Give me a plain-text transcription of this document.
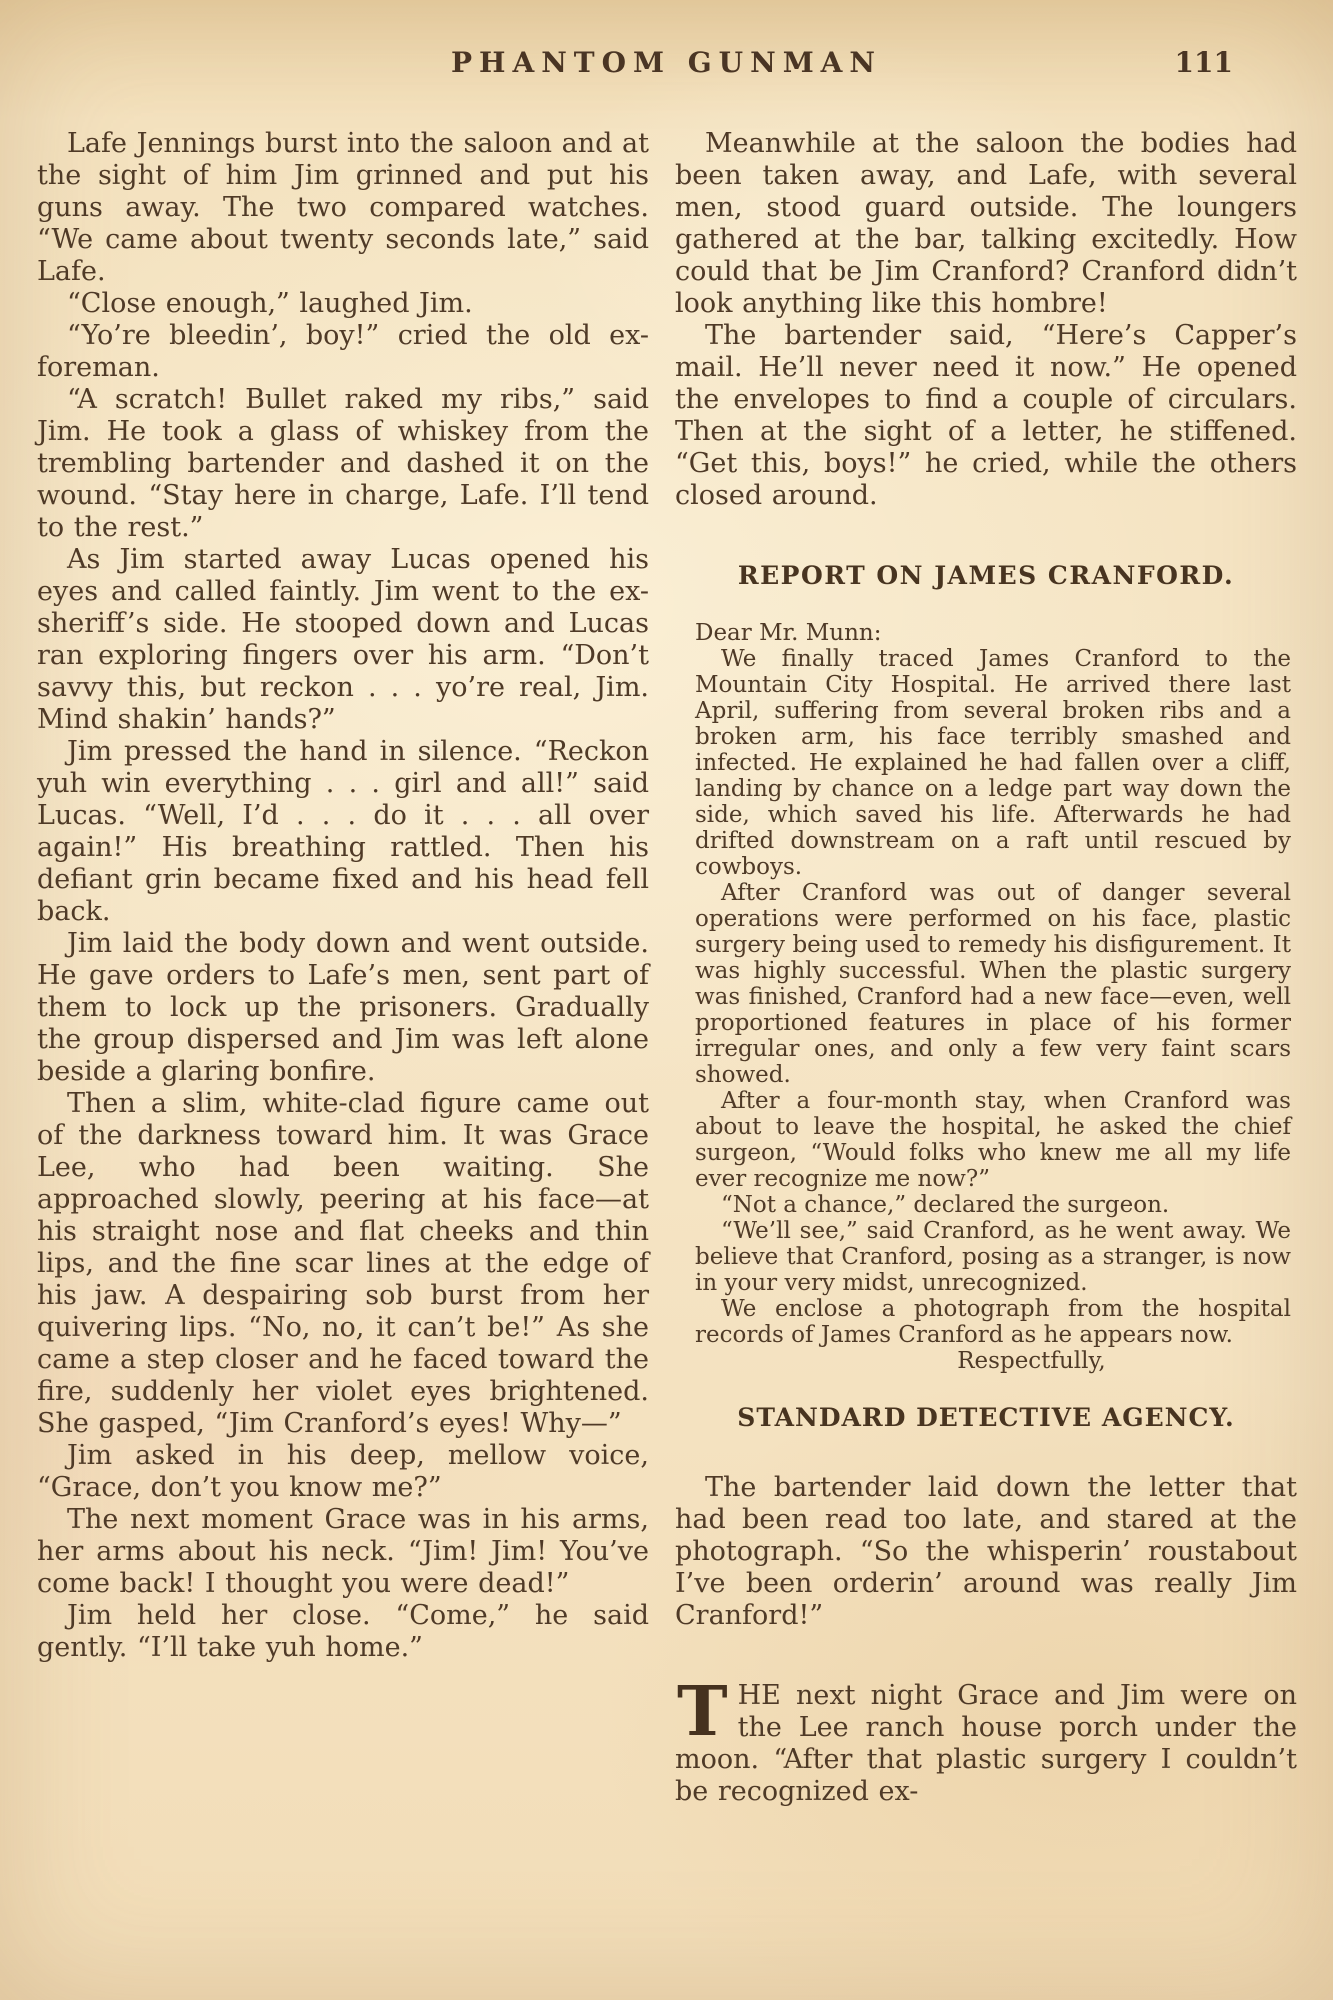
PHANTOM GUNMAN	111

Lafe Jennings burst into the saloon and at the sight of him Jim grinned and put his guns away. The two compared watches. “We came about twenty seconds late,” said Lafe.

“Close enough,” laughed Jim.

“Yo’re bleedin’, boy!” cried the old ex-foreman.

“A scratch! Bullet raked my ribs,” said Jim. He took a glass of whiskey from the trembling bartender and dashed it on the wound. “Stay here in charge, Lafe. I’ll tend to the rest.”

As Jim started away Lucas opened his eyes and called faintly. Jim went to the ex-sheriff’s side. He stooped down and Lucas ran exploring fingers over his arm. “Don’t savvy this, but reckon . . . yo’re real, Jim. Mind shakin’ hands?”

Jim pressed the hand in silence. “Reckon yuh win everything . . . girl and all!” said Lucas. “Well, I’d . . . do it . . . all over again!” His breathing rattled. Then his defiant grin became fixed and his head fell back.

Jim laid the body down and went outside. He gave orders to Lafe’s men, sent part of them to lock up the prisoners. Gradually the group dispersed and Jim was left alone beside a glaring bonfire.

Then a slim, white-clad figure came out of the darkness toward him. It was Grace Lee, who had been waiting. She approached slowly, peering at his face—at his straight nose and flat cheeks and thin lips, and the fine scar lines at the edge of his jaw. A despairing sob burst from her quivering lips. “No, no, it can’t be!” As she came a step closer and he faced toward the fire, suddenly her violet eyes brightened. She gasped, “Jim Cranford’s eyes! Why—”

Jim asked in his deep, mellow voice, “Grace, don’t you know me?”

The next moment Grace was in his arms, her arms about his neck. “Jim! Jim! You’ve come back! I thought you were dead!”

Jim held her close. “Come,” he said gently. “I’ll take yuh home.”

Meanwhile at the saloon the bodies had been taken away, and Lafe, with several men, stood guard outside. The loungers gathered at the bar, talking excitedly. How could that be Jim Cranford? Cranford didn’t look anything like this hombre!

The bartender said, “Here’s Capper’s mail. He’ll never need it now.” He opened the envelopes to find a couple of circulars. Then at the sight of a letter, he stiffened. “Get this, boys!” he cried, while the others closed around.

REPORT ON JAMES CRANFORD.

Dear Mr. Munn:

We finally traced James Cranford to the Mountain City Hospital. He arrived there last April, suffering from several broken ribs and a broken arm, his face terribly smashed and infected. He explained he had fallen over a cliff, landing by chance on a ledge part way down the side, which saved his life. Afterwards he had drifted downstream on a raft until rescued by cowboys.

After Cranford was out of danger several operations were performed on his face, plastic surgery being used to remedy his disfigurement. It was highly successful. When the plastic surgery was finished, Cranford had a new face—even, well proportioned features in place of his former irregular ones, and only a few very faint scars showed.

After a four-month stay, when Cranford was about to leave the hospital, he asked the chief surgeon, “Would folks who knew me all my life ever recognize me now?”

“Not a chance,” declared the surgeon.

“We’ll see,” said Cranford, as he went away. We believe that Cranford, posing as a stranger, is now in your very midst, unrecognized.

We enclose a photograph from the hospital records of James Cranford as he appears now.

Respectfully,

STANDARD DETECTIVE AGENCY.

The bartender laid down the letter that had been read too late, and stared at the photograph. “So the whisperin’ roustabout I’ve been orderin’ around was really Jim Cranford!”

THE next night Grace and Jim were on the Lee ranch house porch under the moon. “After that plastic surgery I couldn’t be recognized ex-
